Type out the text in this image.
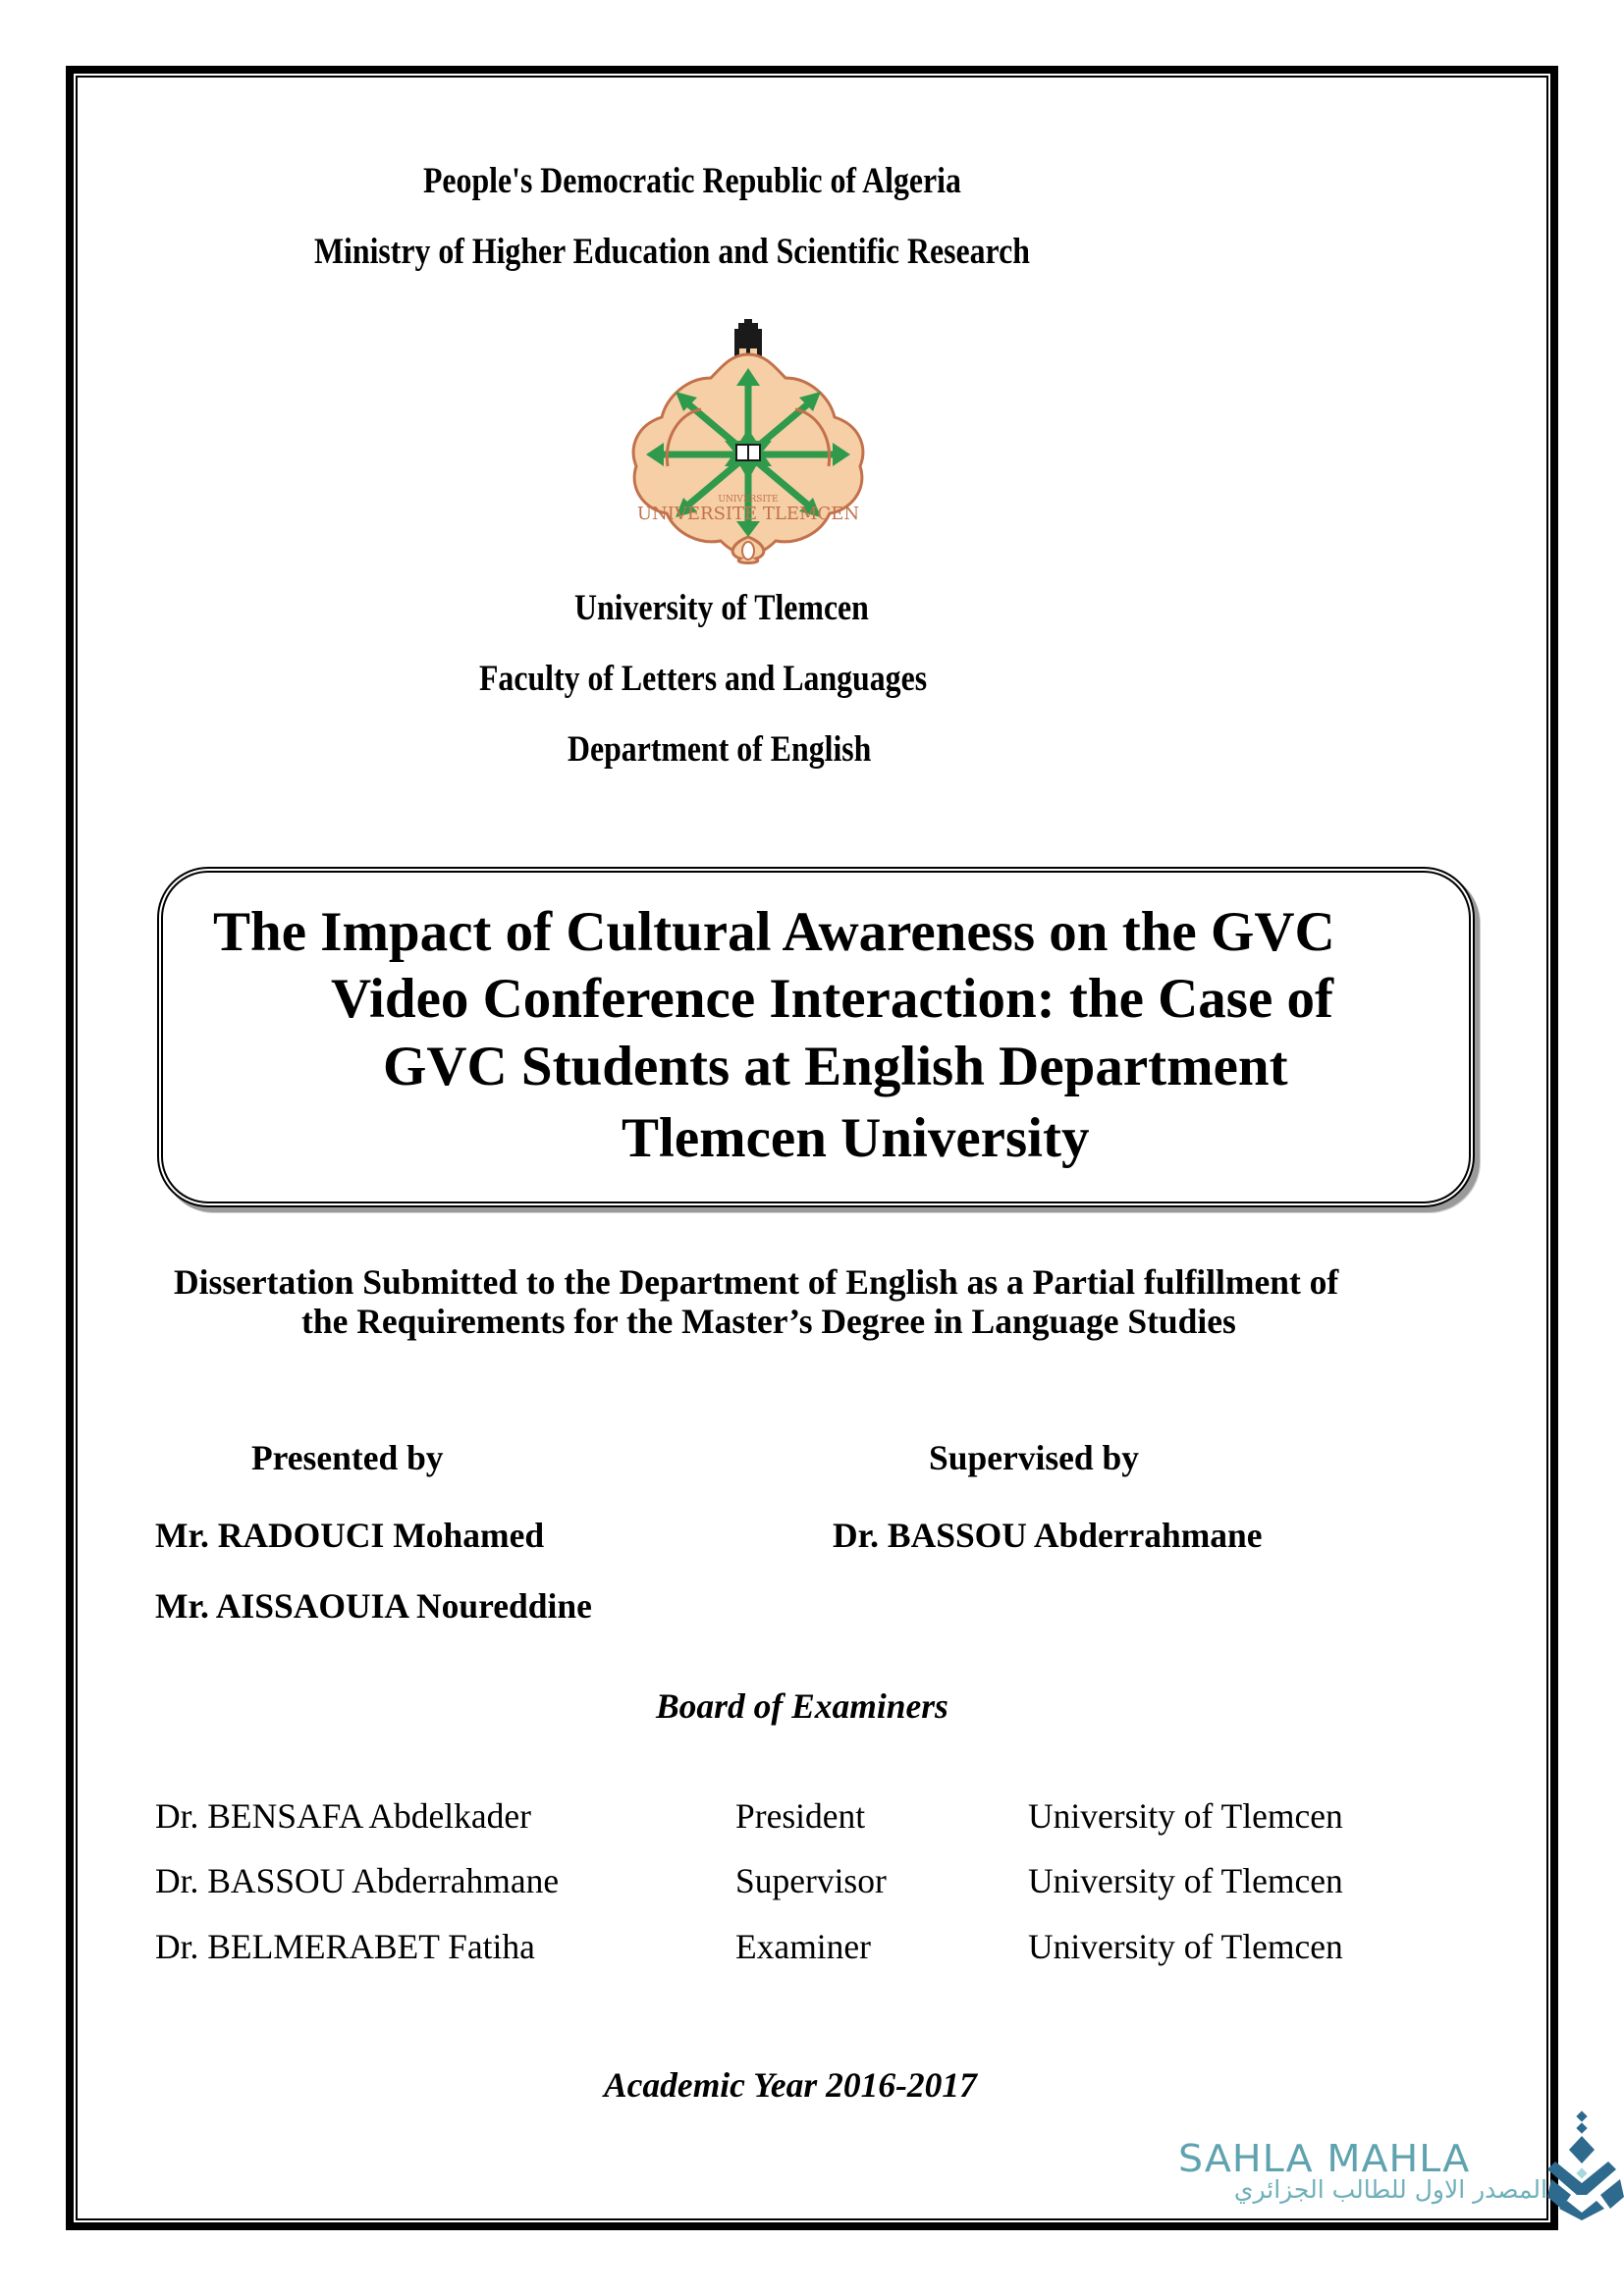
People's Democratic Republic of Algeria
Ministry of Higher Education and Scientific Research
UNIVERSITE
UNIVERSITE TLEMCEN
University of Tlemcen
Faculty of Letters and Languages
Department of English
The Impact of Cultural Awareness on the GVC
Video Conference Interaction: the Case of
GVC Students at English Department
Tlemcen University
Dissertation Submitted to the Department of English as a Partial fulfillment of
the Requirements for the Master’s Degree in Language Studies
Presented by	Supervised by
Mr. RADOUCI Mohamed	Dr. BASSOU Abderrahmane
Mr. AISSAOUIA Noureddine
Board of Examiners
Dr. BENSAFA Abdelkader	President	University of Tlemcen
Dr. BASSOU Abderrahmane	Supervisor	University of Tlemcen
Dr. BELMERABET Fatiha	Examiner	University of Tlemcen
Academic Year 2016-2017
SAHLA MAHLA
المصدر الاول للطالب الجزائري
